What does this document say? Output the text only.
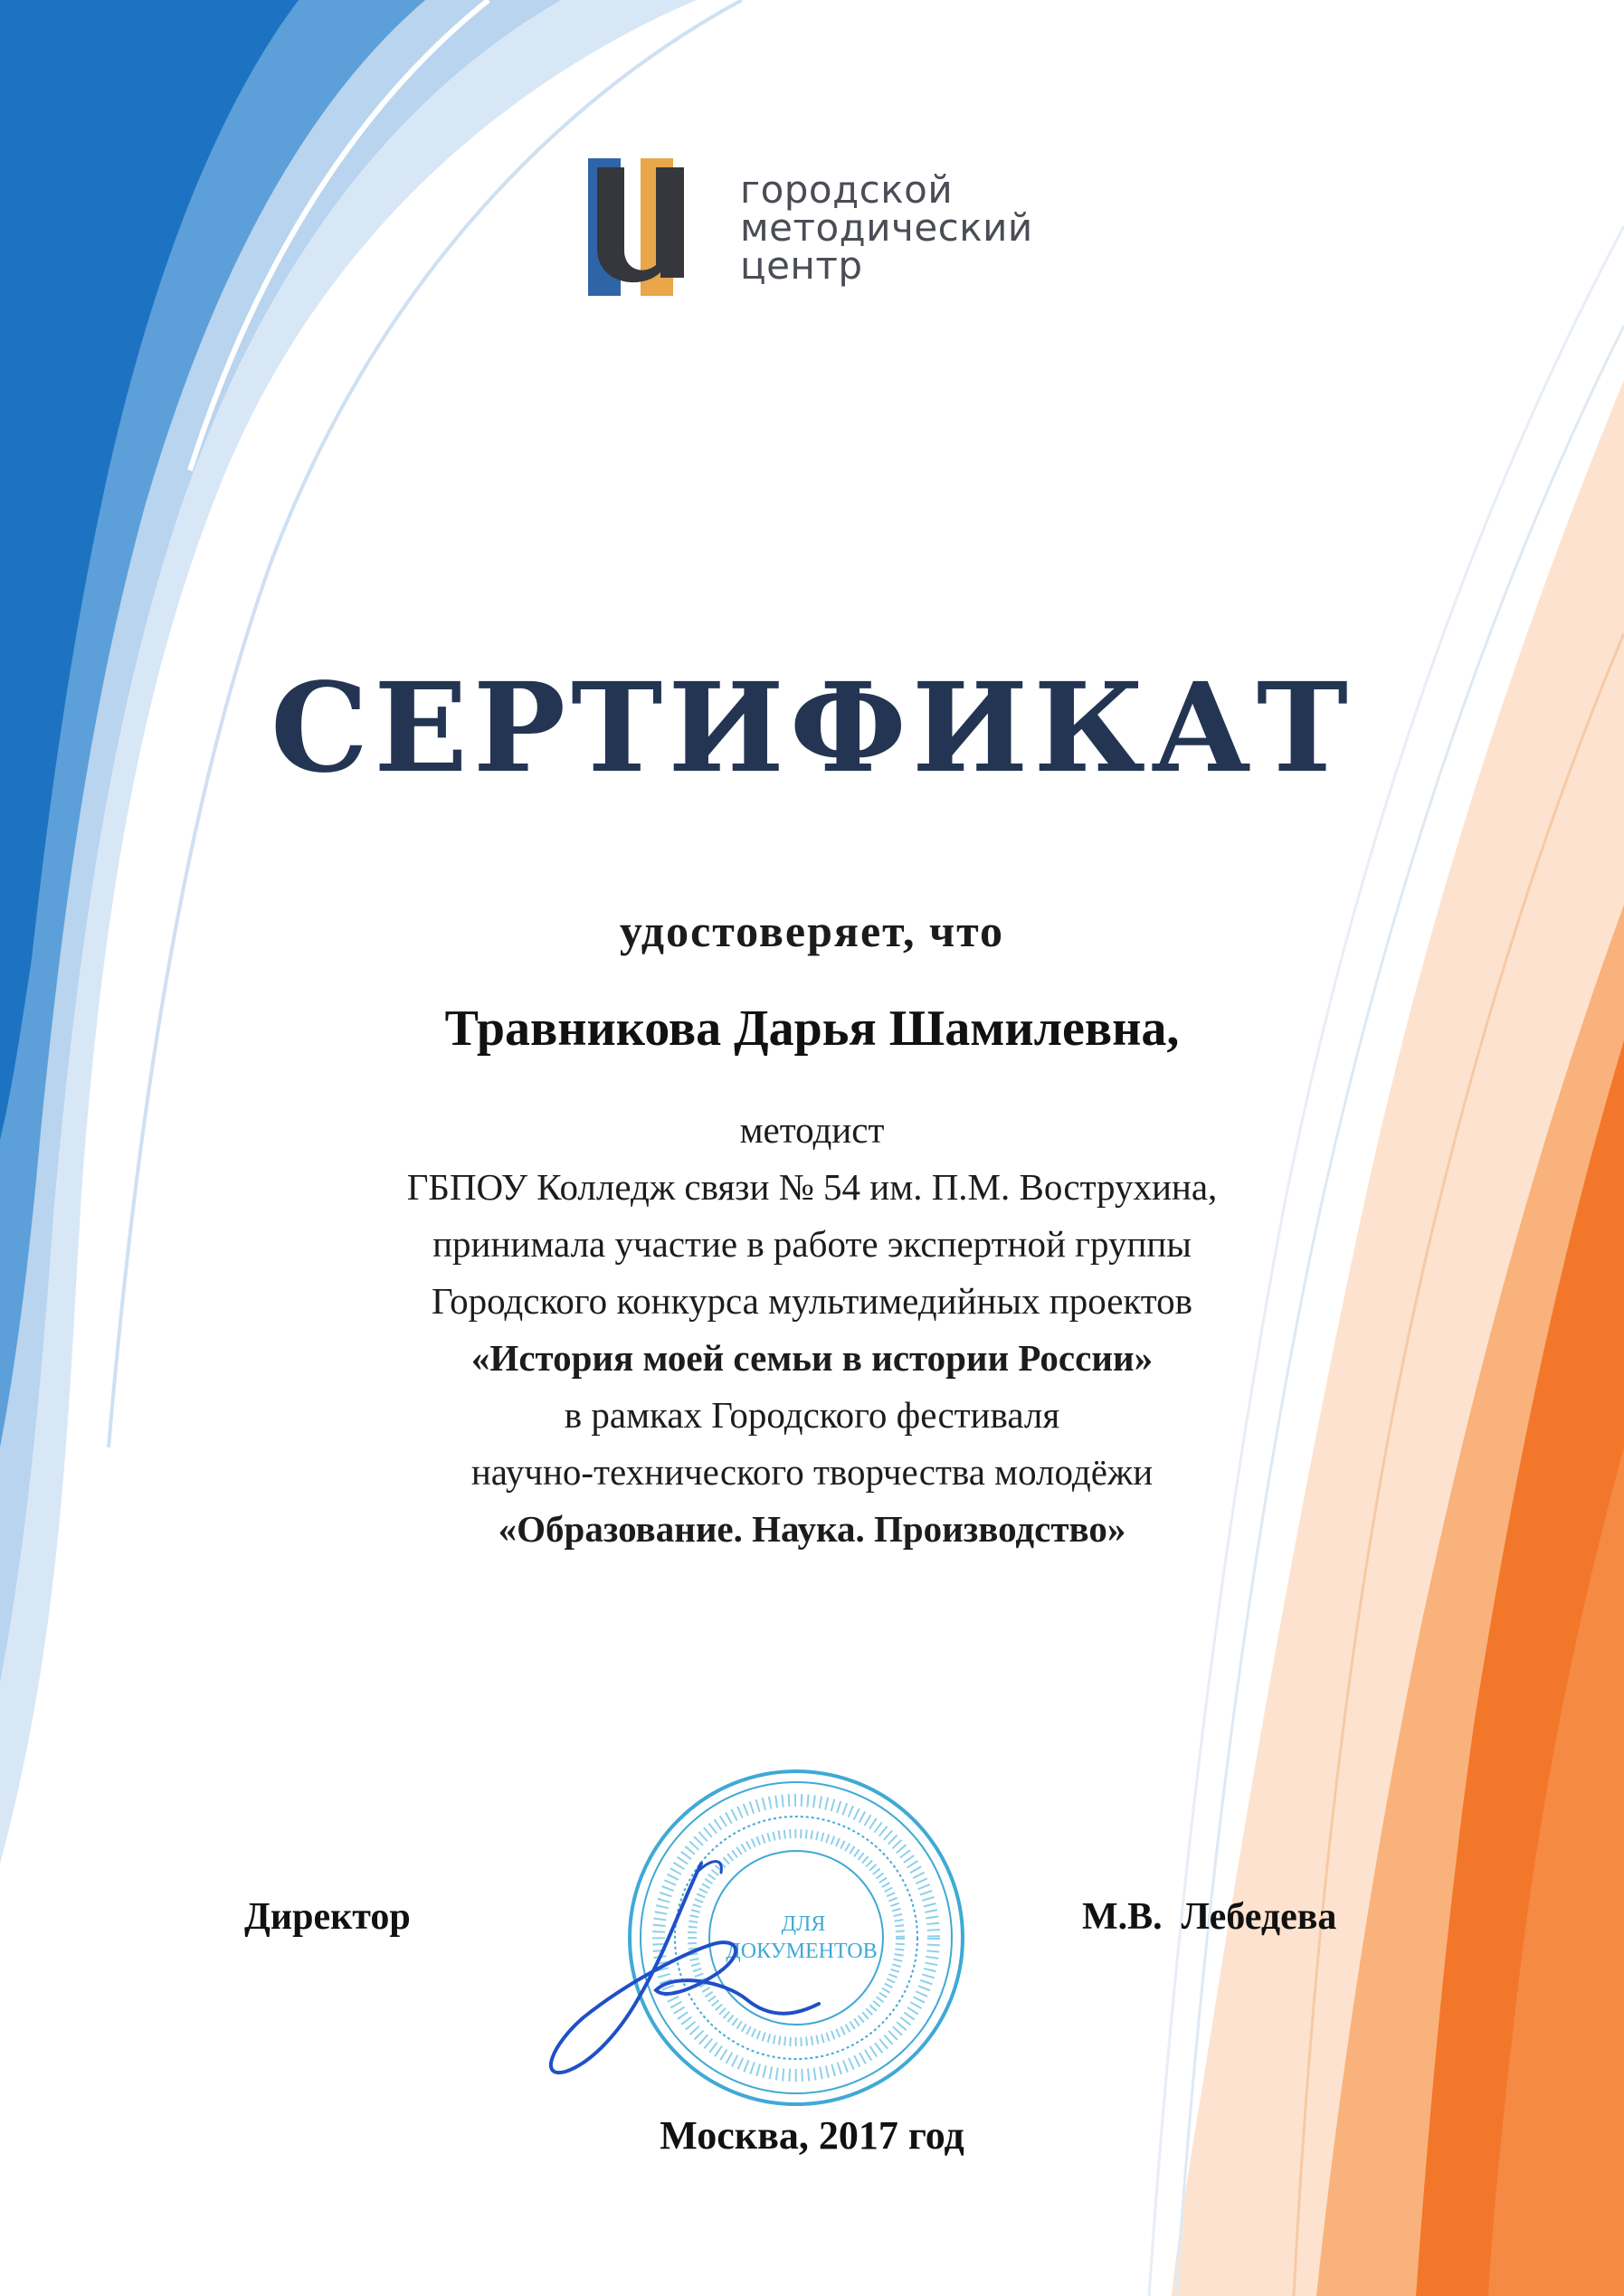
городской
методический
центр
СЕРТИФИКАТ
удостоверяет, что
Травникова Дарья Шамилевна,
методист
ГБПОУ Колледж связи № 54 им. П.М. Вострухина,
принимала участие в работе экспертной группы
Городского конкурса мультимедийных проектов
«История моей семьи в истории России»
в рамках Городского фестиваля
научно-технического творчества молодёжи
«Образование. Наука. Производство»
ДЛЯ
ДОКУМЕНТОВ
Директор	М.В.  Лебедева
Москва, 2017 год
